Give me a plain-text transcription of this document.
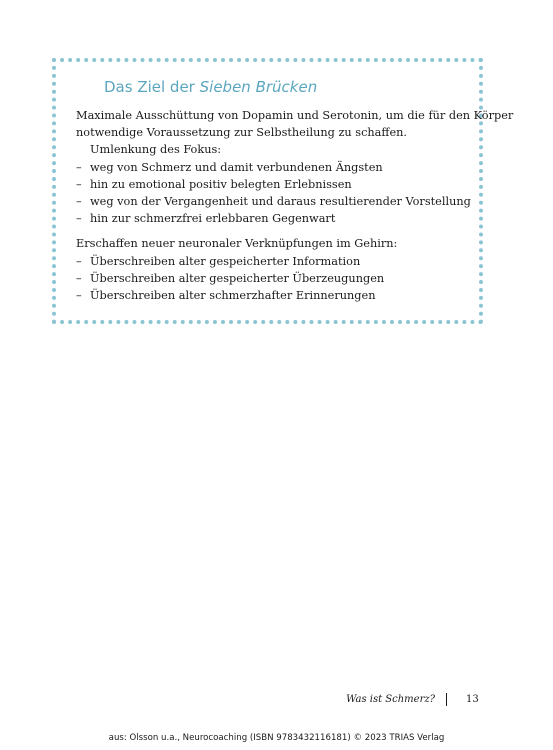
Das Ziel der Sieben Brücken
Maximale Ausschüttung von Dopamin und Serotonin, um die für den Körper
notwendige Voraussetzung zur Selbstheilung zu schaffen.
Umlenkung des Fokus:
– weg von Schmerz und damit verbundenen Ängsten
– hin zu emotional positiv belegten Erlebnissen
– weg von der Vergangenheit und daraus resultierender Vorstellung
– hin zur schmerzfrei erlebbaren Gegenwart
Erschaffen neuer neuronaler Verknüpfungen im Gehirn:
– Überschreiben alter gespeicherter Information
– Überschreiben alter gespeicherter Überzeugungen
– Überschreiben alter schmerzhafter Erinnerungen
Was ist Schmerz?	13
aus: Olsson u.a., Neurocoaching (ISBN 9783432116181) © 2023 TRIAS Verlag
